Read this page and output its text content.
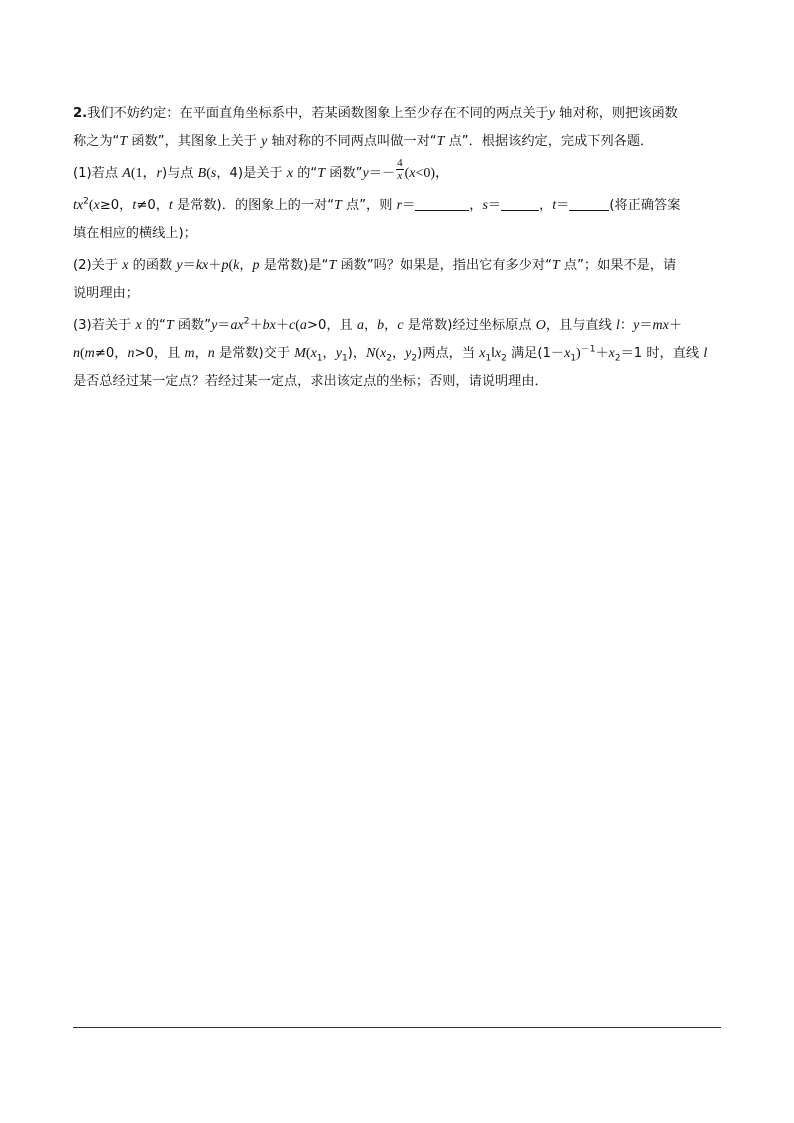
2.我们不妨约定：在平面直角坐标系中，若某函数图象上至少存在不同的两点关于y 轴对称，则把该函数
称之为“T 函数”，其图象上关于 y 轴对称的不同两点叫做一对“T 点”．根据该约定，完成下列各题．
(1)若点 A(1，r)与点 B(s，4)是关于 x 的“T 函数”y＝－ $\frac{4}{x} (x<0)$，
$tx^2(x\ge 0$，t≠0，t 是常数)．的图象上的一对“T 点”，则 r＝	，s＝	，t＝	(将正确答案
填在相应的横线上)；
(2)关于 x 的函数 y＝kx＋p(k，p 是常数)是“T 函数”吗？如果是，指出它有多少对“T 点”；如果不是，请
说明理由；
(3)若关于 x 的“T 函数$”y=ax^2+bx+c(a>0$，且 a，b，c 是常数)经过坐标原点 O，且与直线 l：y＝mx＋
n(m≠0，n>0，且 m，n 是常数)交于 $M(x_1$，$y_1$)，$N(x_2$，$y_2$)两点，当 $x_1lx_2$ 满足$(1-x_1)^{-1}+x_2=1$ 时，直线 l
是否总经过某一定点？若经过某一定点，求出该定点的坐标；否则，请说明理由．
